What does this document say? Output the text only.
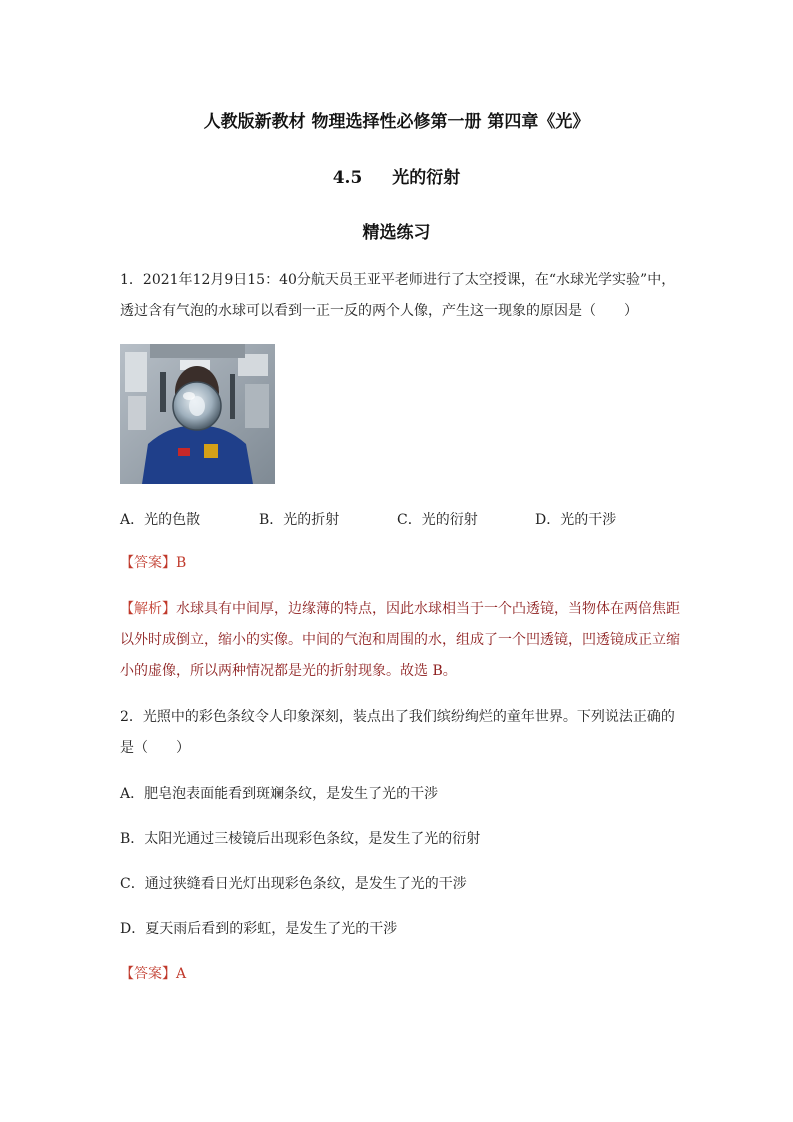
人教版新教材 物理选择性必修第一册 第四章《光》
4.5 光的衍射
精选练习
1．2021年12月9日15：40分航天员王亚平老师进行了太空授课，在“水球光学实验”中，
透过含有气泡的水球可以看到一正一反的两个人像，产生这一现象的原因是（　　）
A．光的色散	B．光的折射	C．光的衍射	D．光的干涉
【答案】B
【解析】水球具有中间厚，边缘薄的特点，因此水球相当于一个凸透镜，当物体在两倍焦距
以外时成倒立，缩小的实像。中间的气泡和周围的水，组成了一个凹透镜，凹透镜成正立缩
小的虚像，所以两种情况都是光的折射现象。故选 B。
2．光照中的彩色条纹令人印象深刻，装点出了我们缤纷绚烂的童年世界。下列说法正确的
是（　　）
A．肥皂泡表面能看到斑斓条纹，是发生了光的干涉
B．太阳光通过三棱镜后出现彩色条纹，是发生了光的衍射
C．通过狭缝看日光灯出现彩色条纹，是发生了光的干涉
D．夏天雨后看到的彩虹，是发生了光的干涉
【答案】A
